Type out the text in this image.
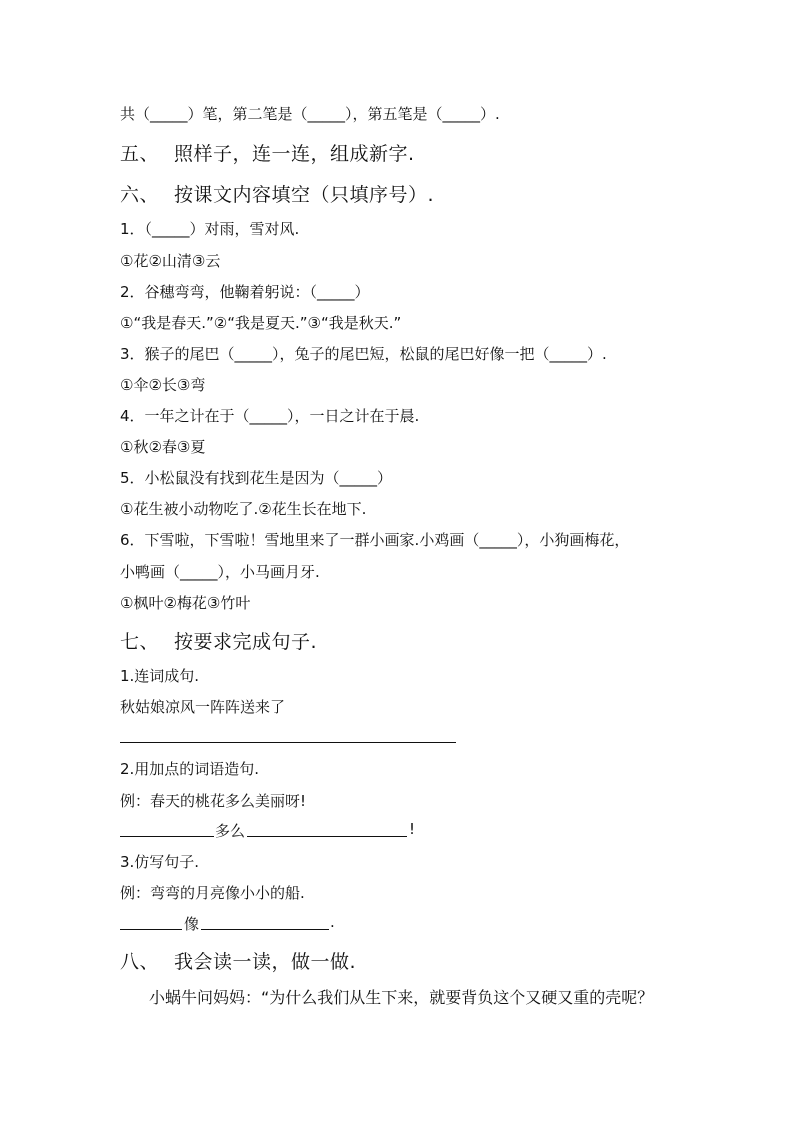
共（_____）笔，第二笔是（_____），第五笔是（_____）.
五、 照样子，连一连，组成新字.
六、 按课文内容填空（只填序号）.
1．（_____）对雨，雪对风.
①花②山清③云
2．谷穗弯弯，他鞠着躬说：（_____）
①“我是春天.”②“我是夏天.”③“我是秋天.”
3．猴子的尾巴（_____），兔子的尾巴短，松鼠的尾巴好像一把（_____）.
①伞②长③弯
4．一年之计在于（_____），一日之计在于晨.
①秋②春③夏
5．小松鼠没有找到花生是因为（_____）
①花生被小动物吃了.②花生长在地下.
6．下雪啦，下雪啦！雪地里来了一群小画家.小鸡画（_____），小狗画梅花，
小鸭画（_____），小马画月牙.
①枫叶②梅花③竹叶
七、 按要求完成句子.
1.连词成句.
秋姑娘凉风一阵阵送来了
2.用加点的词语造句.
例：春天的桃花多么美丽呀!
多么	!
3.仿写句子.
例：弯弯的月亮像小小的船.
像	.
八、 我会读一读，做一做.
小蜗牛问妈妈：“为什么我们从生下来，就要背负这个又硬又重的壳呢？
